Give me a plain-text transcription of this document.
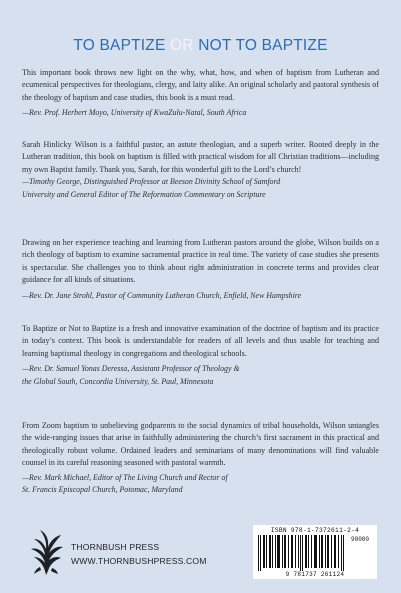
TO BAPTIZE OR NOT TO BAPTIZE

This important book throws new light on the why, what, how, and when of baptism from Lutheran and ecumenical perspectives for theologians, clergy, and laity alike. An original scholarly and pastoral synthesis of the theology of baptism and case studies, this book is a must read.

—Rev. Prof. Herbert Moyo, University of KwaZulu-Natal, South Africa

Sarah Hinlicky Wilson is a faithful pastor, an astute theologian, and a superb writer. Rooted deeply in the Lutheran tradition, this book on baptism is filled with practical wisdom for all Christian traditions—including my own Baptist family. Thank you, Sarah, for this wonderful gift to the Lord’s church!

—Timothy George, Distinguished Professor at Beeson Divinity School of Samford

University and General Editor of The Reformation Commentary on Scripture

Drawing on her experience teaching and learning from Lutheran pastors around the globe, Wilson builds on a rich theology of baptism to examine sacramental practice in real time. The variety of case studies she presents is spectacular. She challenges you to think about right administration in concrete terms and provides clear guidance for all kinds of situations.

—Rev. Dr. Jane Strohl, Pastor of Community Lutheran Church, Enfield, New Hampshire

To Baptize or Not to Baptize is a fresh and innovative examination of the doctrine of baptism and its practice in today’s context. This book is understandable for readers of all levels and thus usable for teaching and learning baptismal theology in congregations and theological schools.

—Rev. Dr. Samuel Yonas Deressa, Assistant Professor of Theology &

the Global South, Concordia University, St. Paul, Minnesota

From Zoom baptism to unbelieving godparents to the social dynamics of tribal households, Wilson untangles the wide-ranging issues that arise in faithfully administering the church’s first sacrament in this practical and theologically robust volume. Ordained leaders and seminarians of many denominations will find valuable counsel in its careful reasoning seasoned with pastoral warmth.

—Rev. Mark Michael, Editor of The Living Church and Rector of

St. Francis Episcopal Church, Potomac, Maryland

THORNBUSH PRESS
WWW.THORNBUSHPRESS.COM
ISBN 978-1-7372611-2-4
90000
9 781737 261124
